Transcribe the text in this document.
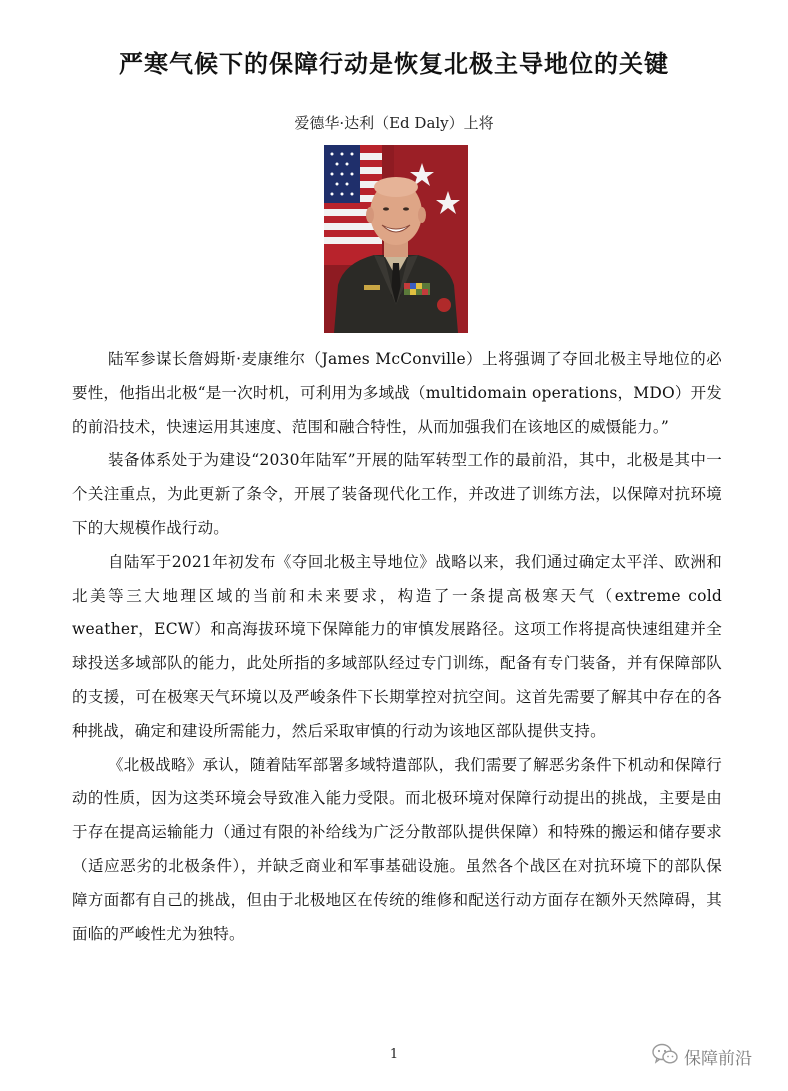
严寒气候下的保障行动是恢复北极主导地位的关键
爱德华·达利（Ed Daly）上将

陆军参谋长詹姆斯·麦康维尔（James McConville）上将强调了夺回北极主导地位的必要性，他指出北极“是一次时机，可利用为多域战（multidomain operations，MDO）开发的前沿技术，快速运用其速度、范围和融合特性，从而加强我们在该地区的威慑能力。”

装备体系处于为建设“2030年陆军”开展的陆军转型工作的最前沿，其中，北极是其中一个关注重点，为此更新了条令，开展了装备现代化工作，并改进了训练方法，以保障对抗环境下的大规模作战行动。

自陆军于2021年初发布《夺回北极主导地位》战略以来，我们通过确定太平洋、欧洲和北美等三大地理区域的当前和未来要求，构造了一条提高极寒天气（extreme cold weather，ECW）和高海拔环境下保障能力的审慎发展路径。这项工作将提高快速组建并全球投送多域部队的能力，此处所指的多域部队经过专门训练，配备有专门装备，并有保障部队的支援，可在极寒天气环境以及严峻条件下长期掌控对抗空间。这首先需要了解其中存在的各种挑战，确定和建设所需能力，然后采取审慎的行动为该地区部队提供支持。

《北极战略》承认，随着陆军部署多域特遣部队，我们需要了解恶劣条件下机动和保障行动的性质，因为这类环境会导致准入能力受限。而北极环境对保障行动提出的挑战，主要是由于存在提高运输能力（通过有限的补给线为广泛分散部队提供保障）和特殊的搬运和储存要求（适应恶劣的北极条件），并缺乏商业和军事基础设施。虽然各个战区在对抗环境下的部队保障方面都有自己的挑战，但由于北极地区在传统的维修和配送行动方面存在额外天然障碍，其面临的严峻性尤为独特。

1	保障前沿
